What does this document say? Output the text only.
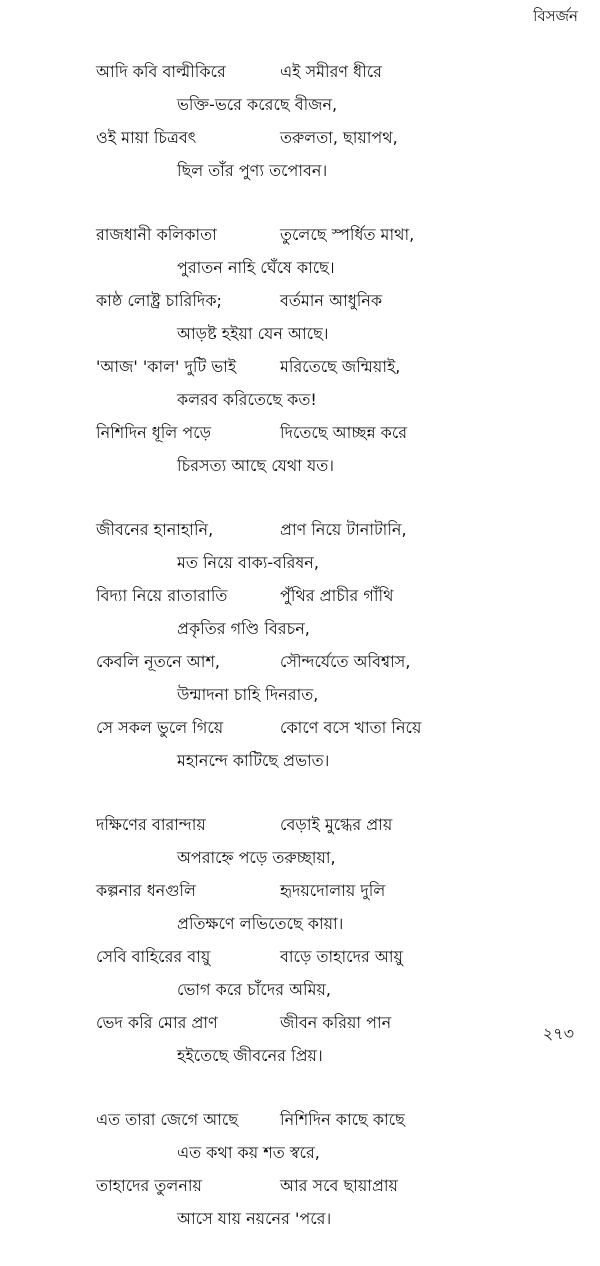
বিসর্জন
আদি কবি বাল্মীকিরে	এই সমীরণ ধীরে
ভক্তি-ভরে করেছে বীজন,
ওই মায়া চিত্রবৎ	তরুলতা, ছায়াপথ,
ছিল তাঁর পুণ্য তপোবন।
রাজধানী কলিকাতা	তুলেছে স্পর্ধিত মাথা,
পুরাতন নাহি ঘেঁষে কাছে।
কাষ্ঠ লোষ্ট্র চারিদিক;	বর্তমান আধুনিক
আড়ষ্ট হইয়া যেন আছে।
'আজ' 'কাল' দুটি ভাই	মরিতেছে জন্মিয়াই,
কলরব করিতেছে কত!
নিশিদিন ধূলি পড়ে	দিতেছে আচ্ছন্ন করে
চিরসত্য আছে যেথা যত।
জীবনের হানাহানি,	প্রাণ নিয়ে টানাটানি,
মত নিয়ে বাক্য-বরিষন,
বিদ্যা নিয়ে রাতারাতি	পুঁথির প্রাচীর গাঁথি
প্রকৃতির গণ্ডি বিরচন,
কেবলি নূতনে আশ,	সৌন্দর্যেতে অবিশ্বাস,
উন্মাদনা চাহি দিনরাত,
সে সকল ভুলে গিয়ে	কোণে বসে খাতা নিয়ে
মহানন্দে কাটিছে প্রভাত।
দক্ষিণের বারান্দায়	বেড়াই মুগ্ধের প্রায়
অপরাহ্নে পড়ে তরুচ্ছায়া,
কল্পনার ধনগুলি	হৃদয়দোলায় দুলি
প্রতিক্ষণে লভিতেছে কায়া।
সেবি বাহিরের বায়ু	বাড়ে তাহাদের আয়ু
ভোগ করে চাঁদের অমিয়,
ভেদ করি মোর প্রাণ	জীবন করিয়া পান
হইতেছে জীবনের প্রিয়।
এত তারা জেগে আছে	নিশিদিন কাছে কাছে
এত কথা কয় শত স্বরে,
তাহাদের তুলনায়	আর সবে ছায়াপ্রায়
আসে যায় নয়নের 'পরে।
২৭৩
